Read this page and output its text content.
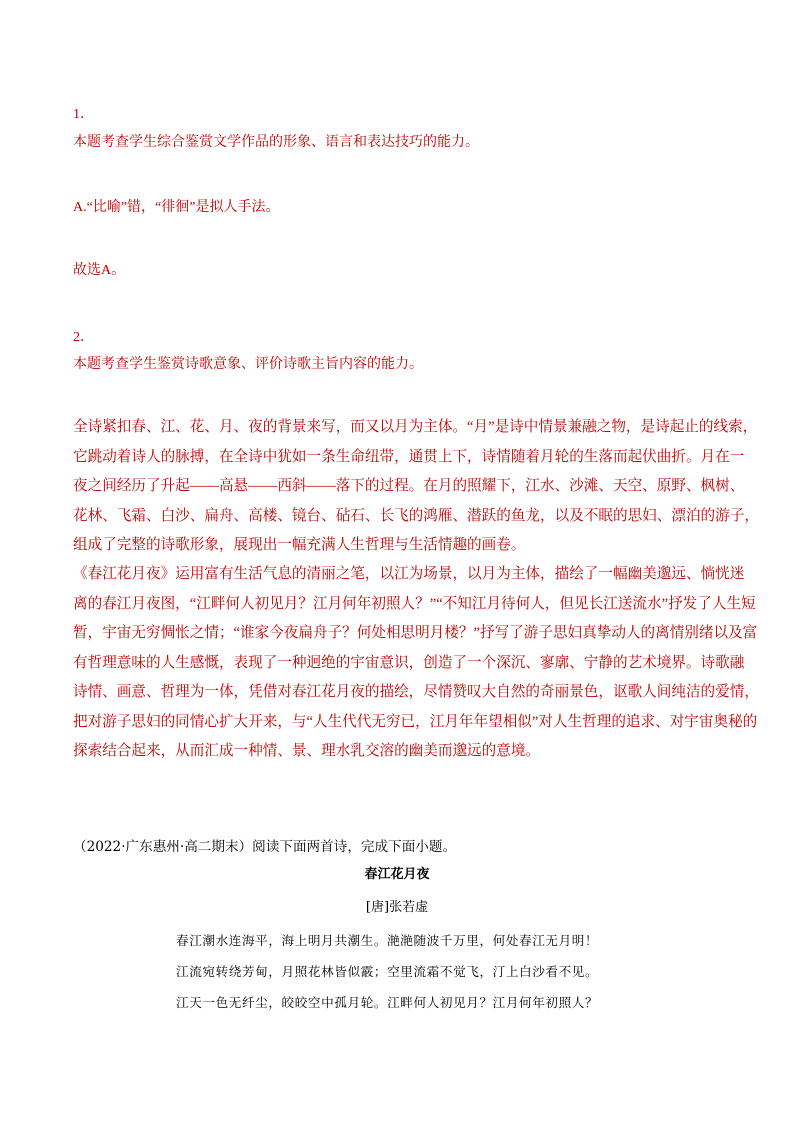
1．
本题考查学生综合鉴赏文学作品的形象、语言和表达技巧的能力。
A.“比喻”错，“徘徊”是拟人手法。
故选A。
2．
本题考查学生鉴赏诗歌意象、评价诗歌主旨内容的能力。
全诗紧扣春、江、花、月、夜的背景来写，而又以月为主体。“月”是诗中情景兼融之物，是诗起止的线索，
它跳动着诗人的脉搏，在全诗中犹如一条生命纽带，通贯上下，诗情随着月轮的生落而起伏曲折。月在一
夜之间经历了升起——高悬——西斜——落下的过程。在月的照耀下，江水、沙滩、天空、原野、枫树、
花林、飞霜、白沙、扁舟、高楼、镜台、砧石、长飞的鸿雁、潜跃的鱼龙，以及不眠的思妇、漂泊的游子，
组成了完整的诗歌形象，展现出一幅充满人生哲理与生活情趣的画卷。
《春江花月夜》运用富有生活气息的清丽之笔，以江为场景，以月为主体，描绘了一幅幽美邈远、惝恍迷
离的春江月夜图，“江畔何人初见月？江月何年初照人？”“不知江月待何人，但见长江送流水”抒发了人生短
暂，宇宙无穷惆怅之情；“谁家今夜扁舟子？何处相思明月楼？”抒写了游子思妇真挚动人的离情别绪以及富
有哲理意味的人生感慨，表现了一种迥绝的宇宙意识，创造了一个深沉、寥廓、宁静的艺术境界。诗歌融
诗情、画意、哲理为一体，凭借对春江花月夜的描绘，尽情赞叹大自然的奇丽景色，讴歌人间纯洁的爱情，
把对游子思妇的同情心扩大开来，与“人生代代无穷已，江月年年望相似”对人生哲理的追求、对宇宙奥秘的
探索结合起来，从而汇成一种情、景、理水乳交溶的幽美而邈远的意境。
（2022·广东惠州·高二期末）阅读下面两首诗，完成下面小题。
春江花月夜
[唐]张若虚
春江潮水连海平，海上明月共潮生。滟滟随波千万里，何处春江无月明！
江流宛转绕芳甸，月照花林皆似霰；空里流霜不觉飞，汀上白沙看不见。
江天一色无纤尘，皎皎空中孤月轮。江畔何人初见月？江月何年初照人？
